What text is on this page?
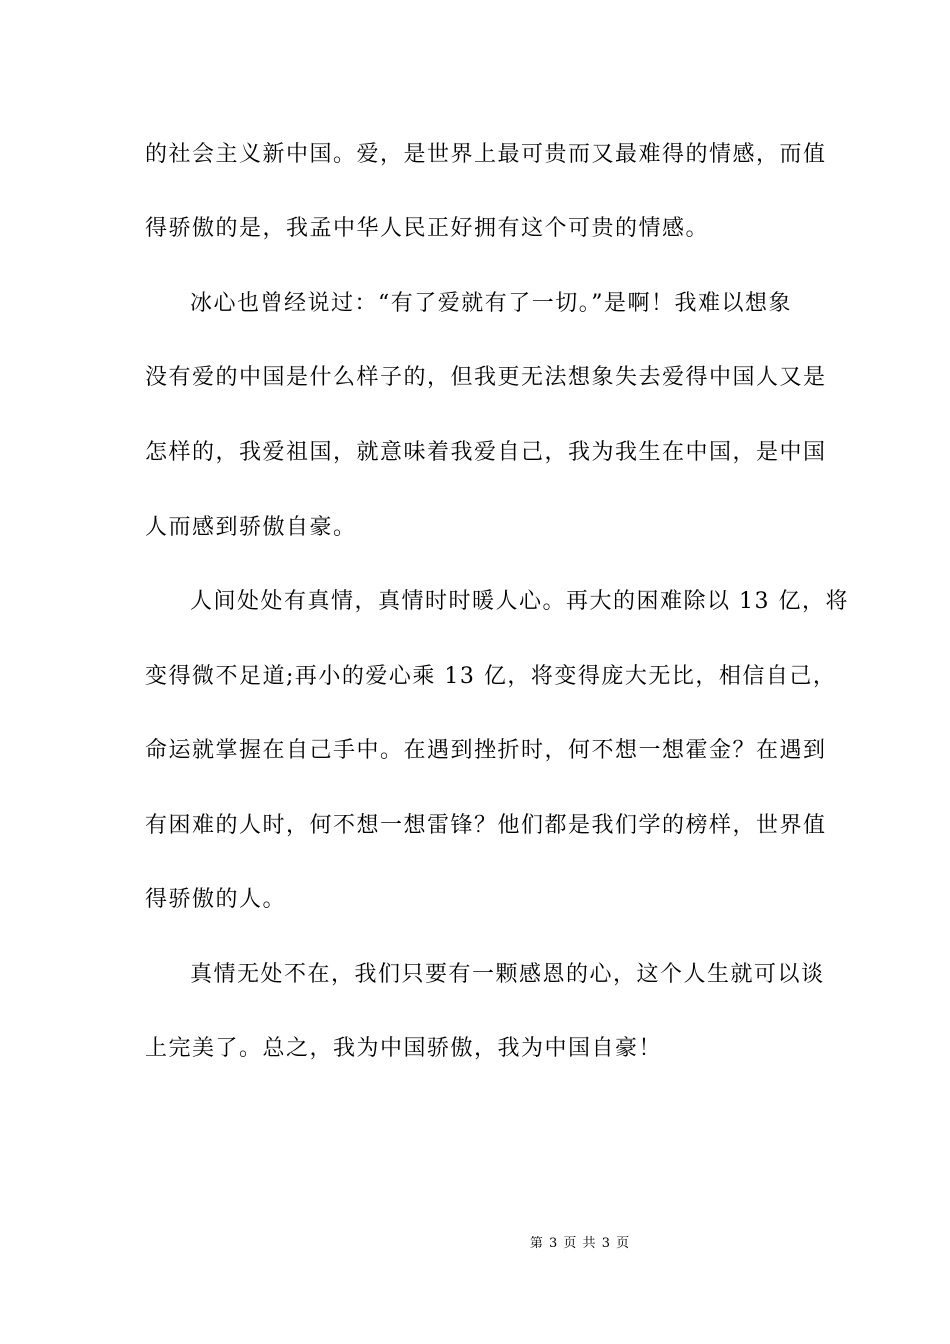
的社会主义新中国。爱，是世界上最可贵而又最难得的情感，而值
得骄傲的是，我孟中华人民正好拥有这个可贵的情感。
冰心也曾经说过：“有了爱就有了一切。”是啊！我难以想象
没有爱的中国是什么样子的，但我更无法想象失去爱得中国人又是
怎样的，我爱祖国，就意味着我爱自己，我为我生在中国，是中国
人而感到骄傲自豪。
人间处处有真情，真情时时暖人心。再大的困难除以 13 亿，将
变得微不足道;再小的爱心乘 13 亿，将变得庞大无比，相信自己，
命运就掌握在自己手中。在遇到挫折时，何不想一想霍金？在遇到
有困难的人时，何不想一想雷锋？他们都是我们学的榜样，世界值
得骄傲的人。
真情无处不在，我们只要有一颗感恩的心，这个人生就可以谈
上完美了。总之，我为中国骄傲，我为中国自豪！
第 3 页 共 3 页
